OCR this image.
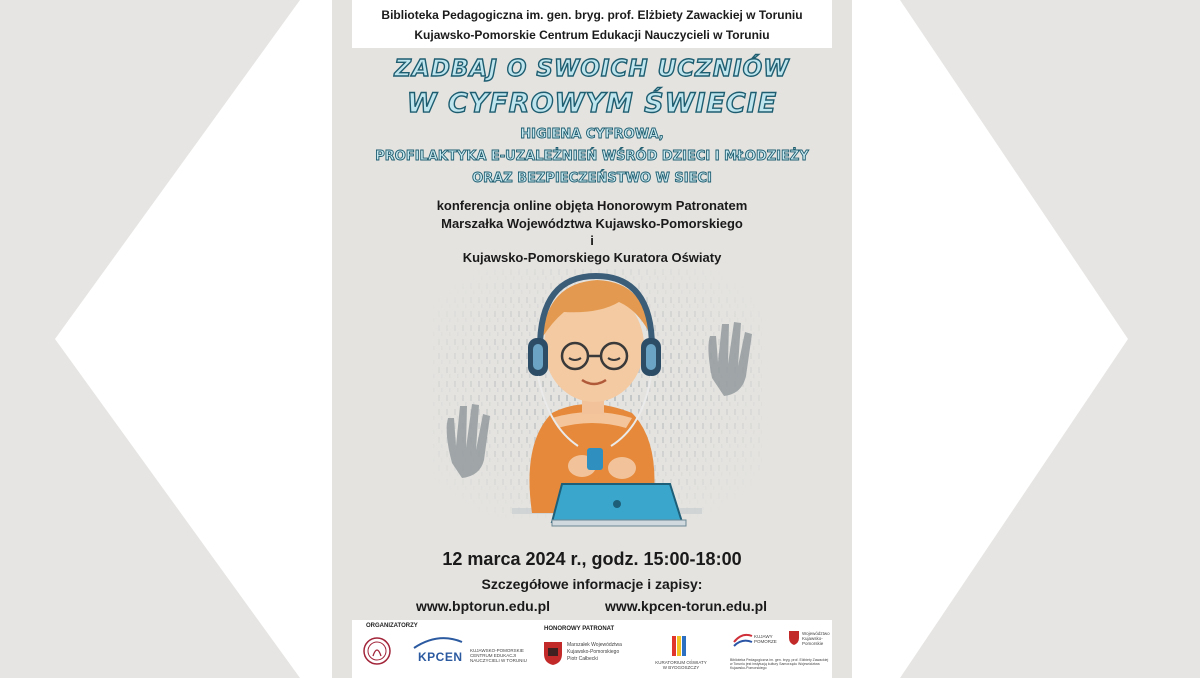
Biblioteka Pedagogiczna im. gen. bryg. prof. Elżbiety Zawackiej w Toruniu
Kujawsko-Pomorskie Centrum Edukacji Nauczycieli w Toruniu
ZADBAJ O SWOICH UCZNIÓW
W CYFROWYM ŚWIECIE
HIGIENA CYFROWA,
PROFILAKTYKA E-UZALEŻNIEŃ WŚRÓD DZIECI I MŁODZIEŻY
ORAZ BEZPIECZEŃSTWO W SIECI
konferencja online objęta Honorowym Patronatem
Marszałka Województwa Kujawsko-Pomorskiego
i
Kujawsko-Pomorskiego Kuratora Oświaty
12 marca 2024 r., godz. 15:00-18:00
Szczegółowe informacje i zapisy:
www.bptorun.edu.pl	www.kpcen-torun.edu.pl
ORGANIZATORZY	HONOROWY PATRONAT
KPCEN KUJAWSKO-POMORSKIE CENTRUM EDUKACJI NAUCZYCIELI W TORUNIU
Marszałek Województwa
Kujawsko-Pomorskiego
Piotr Całbecki
KURATORIUM OŚWIATY W BYDGOSZCZY
KUJAWY POMORZE
Województwo Kujawsko-Pomorskie
Biblioteka Pedagogiczna im. gen. bryg. prof. Elżbiety Zawackiej w Toruniu jest instytucją kultury Samorządu Województwa Kujawsko-Pomorskiego
